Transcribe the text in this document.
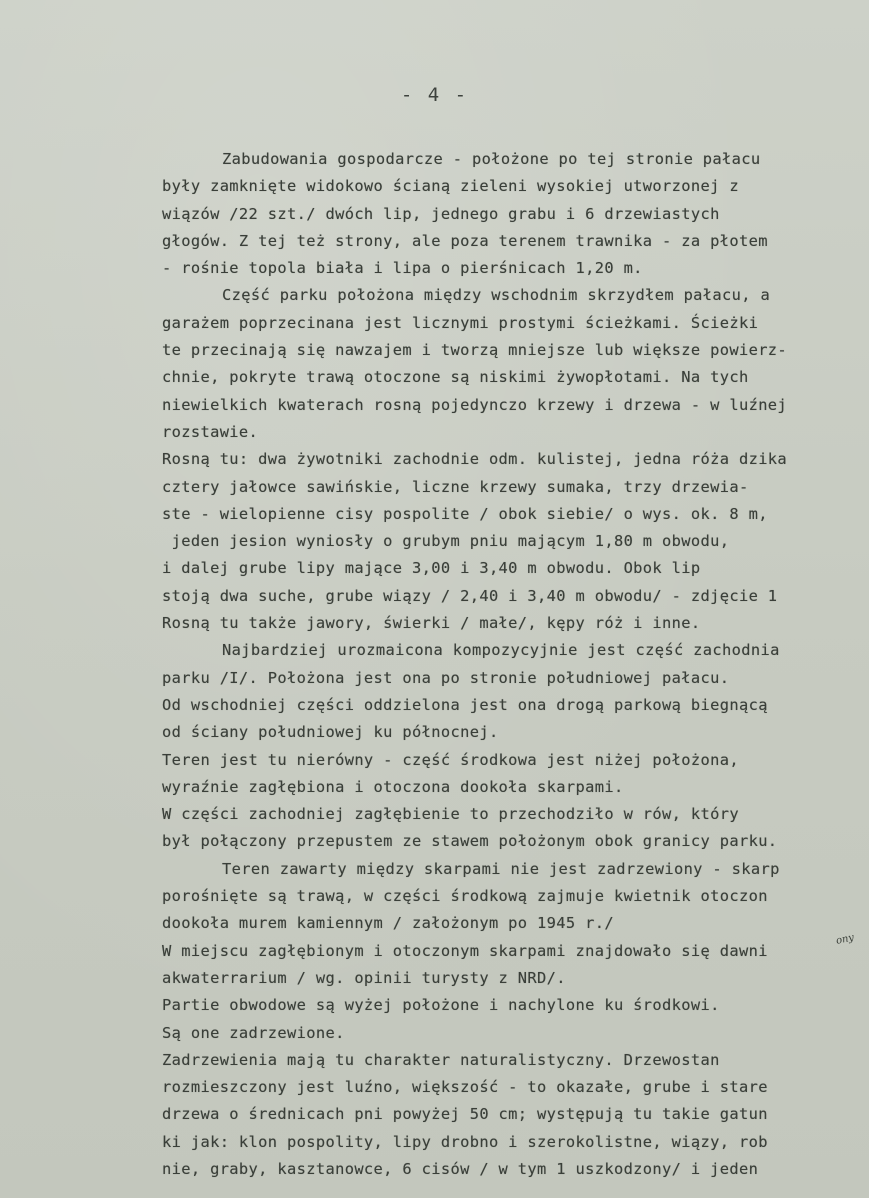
- 4 -
Zabudowania gospodarcze - położone po tej stronie pałacu
były zamknięte widokowo ścianą zieleni wysokiej utworzonej z
wiązów /22 szt./ dwóch lip, jednego grabu i 6 drzewiastych
głogów. Z tej też strony, ale poza terenem trawnika - za płotem
- rośnie topola biała i lipa o pierśnicach 1,20 m.
Część parku położona między wschodnim skrzydłem pałacu, a
garażem poprzecinana jest licznymi prostymi ścieżkami. Ścieżki
te przecinają się nawzajem i tworzą mniejsze lub większe powierz-
chnie, pokryte trawą otoczone są niskimi żywopłotami. Na tych
niewielkich kwaterach rosną pojedynczo krzewy i drzewa - w luźnej
rozstawie.
Rosną tu: dwa żywotniki zachodnie odm. kulistej, jedna róża dzika
cztery jałowce sawińskie, liczne krzewy sumaka, trzy drzewia-
ste - wielopienne cisy pospolite / obok siebie/ o wys. ok. 8 m,
jeden jesion wyniosły o grubym pniu mającym 1,80 m obwodu,
i dalej grube lipy mające 3,00 i 3,40 m obwodu. Obok lip
stoją dwa suche, grube wiązy / 2,40 i 3,40 m obwodu/ - zdjęcie 1
Rosną tu także jawory, świerki / małe/, kępy róż i inne.
Najbardziej urozmaicona kompozycyjnie jest część zachodnia
parku /I/. Położona jest ona po stronie południowej pałacu.
Od wschodniej części oddzielona jest ona drogą parkową biegnącą
od ściany południowej ku północnej.
Teren jest tu nierówny - część środkowa jest niżej położona,
wyraźnie zagłębiona i otoczona dookoła skarpami.
W części zachodniej zagłębienie to przechodziło w rów, który
był połączony przepustem ze stawem położonym obok granicy parku.
Teren zawarty między skarpami nie jest zadrzewiony - skarp
porośnięte są trawą, w części środkową zajmuje kwietnik otoczon
dookoła murem kamiennym / założonym po 1945 r./
W miejscu zagłębionym i otoczonym skarpami znajdowało się dawni
akwaterrarium / wg. opinii turysty z NRD/.
Partie obwodowe są wyżej położone i nachylone ku środkowi.
Są one zadrzewione.
Zadrzewienia mają tu charakter naturalistyczny. Drzewostan
rozmieszczony jest luźno, większość - to okazałe, grube i stare
drzewa o średnicach pni powyżej 50 cm; występują tu takie gatun
ki jak: klon pospolity, lipy drobno i szerokolistne, wiązy, rob
nie, graby, kasztanowce, 6 cisów / w tym 1 uszkodzony/ i jeden
ony
